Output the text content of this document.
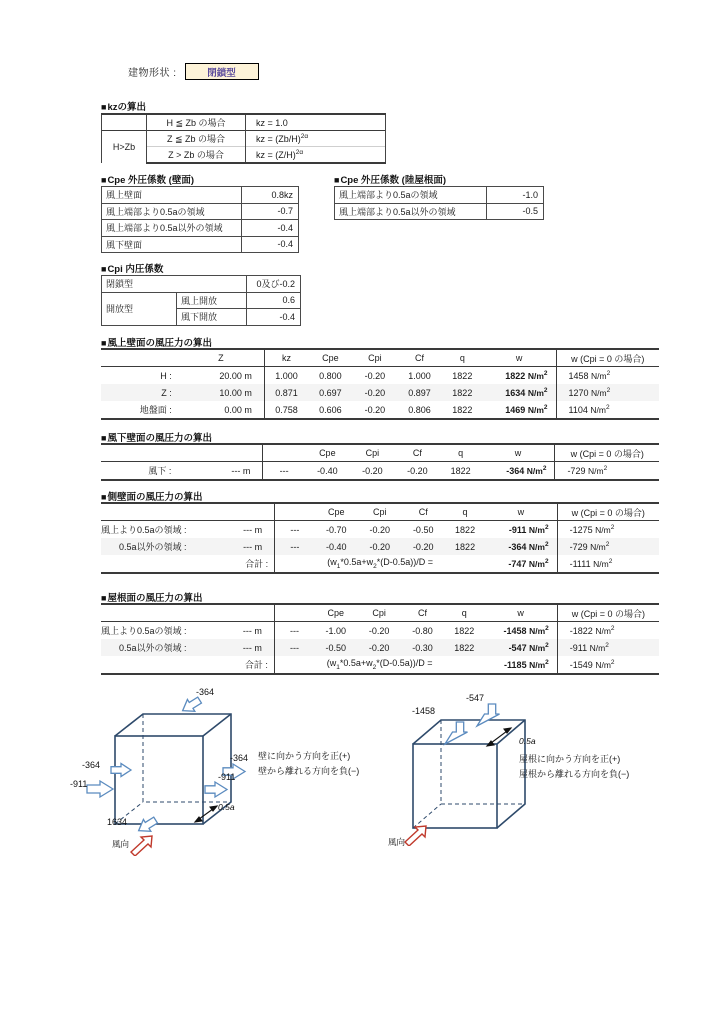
建物形状 :	閉鎖型
■ kzの算出
	H ≦ Zb の場合	kz = 1.0
H>Zb	Z ≦ Zb の場合	kz = $(Zb/H)^{2\alpha}$
	Z > Zb の場合	kz = $(Z/H)^{2\alpha}$
■ Cpe 外圧係数 (壁面)
風上壁面	0.8kz
風上端部より0.5aの領域	-0.7
風上端部より0.5a以外の領域	-0.4
風下壁面	-0.4
■ Cpe 外圧係数 (陸屋根面)
風上端部より0.5aの領域	-1.0
風上端部より0.5a以外の領域	-0.5
■ Cpi 内圧係数
閉鎖型		0及び-0.2
開放型	風上開放	0.6
	風下開放	-0.4
■ 風上壁面の風圧力の算出
	Z	kz	Cpe	Cpi	Cf	q	w	w (Cpi = 0 の場合)
H :	20.00 m	1.000	0.800	-0.20	1.000	1822	1822 $N/m^2$	1458 $N/m^2$
Z :	10.00 m	0.871	0.697	-0.20	0.897	1822	1634 $N/m^2$	1270 $N/m^2$
地盤面 :	0.00 m	0.758	0.606	-0.20	0.806	1822	1469 $N/m^2$	1104 $N/m^2$
■ 風下壁面の風圧力の算出
			Cpe	Cpi	Cf	q	w	w (Cpi = 0 の場合)
風下 :	--- m	---	-0.40	-0.20	-0.20	1822	-364 $N/m^2$	-729 $N/m^2$
■ 側壁面の風圧力の算出
			Cpe	Cpi	Cf	q	w	w (Cpi = 0 の場合)
風上より0.5aの領域 :	--- m	---	-0.70	-0.20	-0.50	1822	-911 $N/m^2$	-1275 $N/m^2$
0.5a以外の領域 :	--- m	---	-0.40	-0.20	-0.20	1822	-364 $N/m^2$	-729 $N/m^2$
合計 :		$(w_1*0.5a+w_2*(D-0.5a))/D$ =					-747 $N/m^2$	-1111 $N/m^2$
■ 屋根面の風圧力の算出
			Cpe	Cpi	Cf	q	w	w (Cpi = 0 の場合)
風上より0.5aの領域 :	--- m	---	-1.00	-0.20	-0.80	1822	-1458 $N/m^2$	-1822 $N/m^2$
0.5a以外の領域 :	--- m	---	-0.50	-0.20	-0.30	1822	-547 $N/m^2$	-911 $N/m^2$
合計 :		$(w_1*0.5a+w_2*(D-0.5a))/D$ =					-1185 $N/m^2$	-1549 $N/m^2$
-364
-364
-911
-364
-911
1634
0.5a
風向
壁に向かう方向を正(+)
壁から離れる方向を負(−)
-1458
-547
0.5a
風向
屋根に向かう方向を正(+)
屋根から離れる方向を負(−)
